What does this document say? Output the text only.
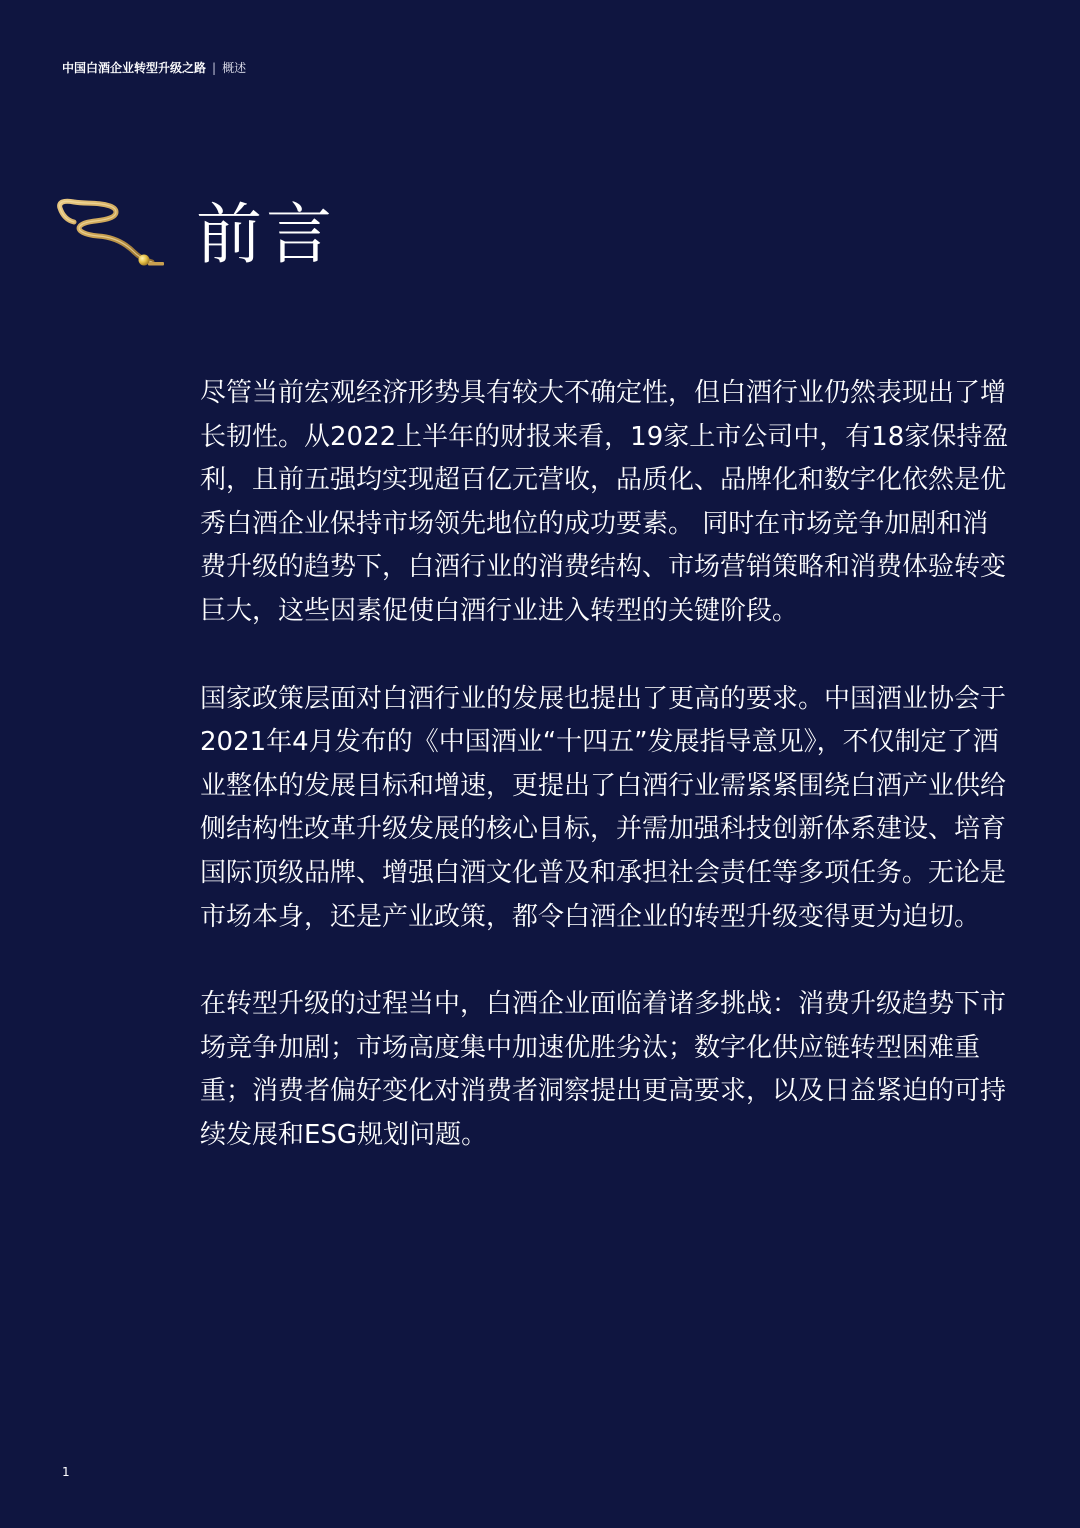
中国白酒企业转型升级之路 | 概述
前言

尽管当前宏观经济形势具有较大不确定性，但白酒行业仍然表现出了增长韧性。从2022上半年的财报来看，19家上市公司中，有18家保持盈利，且前五强均实现超百亿元营收，品质化、品牌化和数字化依然是优秀白酒企业保持市场领先地位的成功要素。 同时在市场竞争加剧和消费升级的趋势下，白酒行业的消费结构、市场营销策略和消费体验转变巨大，这些因素促使白酒行业进入转型的关键阶段。

国家政策层面对白酒行业的发展也提出了更高的要求。中国酒业协会于2021年4月发布的《中国酒业“十四五”发展指导意见》，不仅制定了酒业整体的发展目标和增速，更提出了白酒行业需紧紧围绕白酒产业供给侧结构性改革升级发展的核心目标，并需加强科技创新体系建设、培育国际顶级品牌、增强白酒文化普及和承担社会责任等多项任务。无论是市场本身，还是产业政策，都令白酒企业的转型升级变得更为迫切。

在转型升级的过程当中，白酒企业面临着诸多挑战：消费升级趋势下市场竞争加剧；市场高度集中加速优胜劣汰；数字化供应链转型困难重重；消费者偏好变化对消费者洞察提出更高要求，以及日益紧迫的可持续发展和ESG规划问题。

1
